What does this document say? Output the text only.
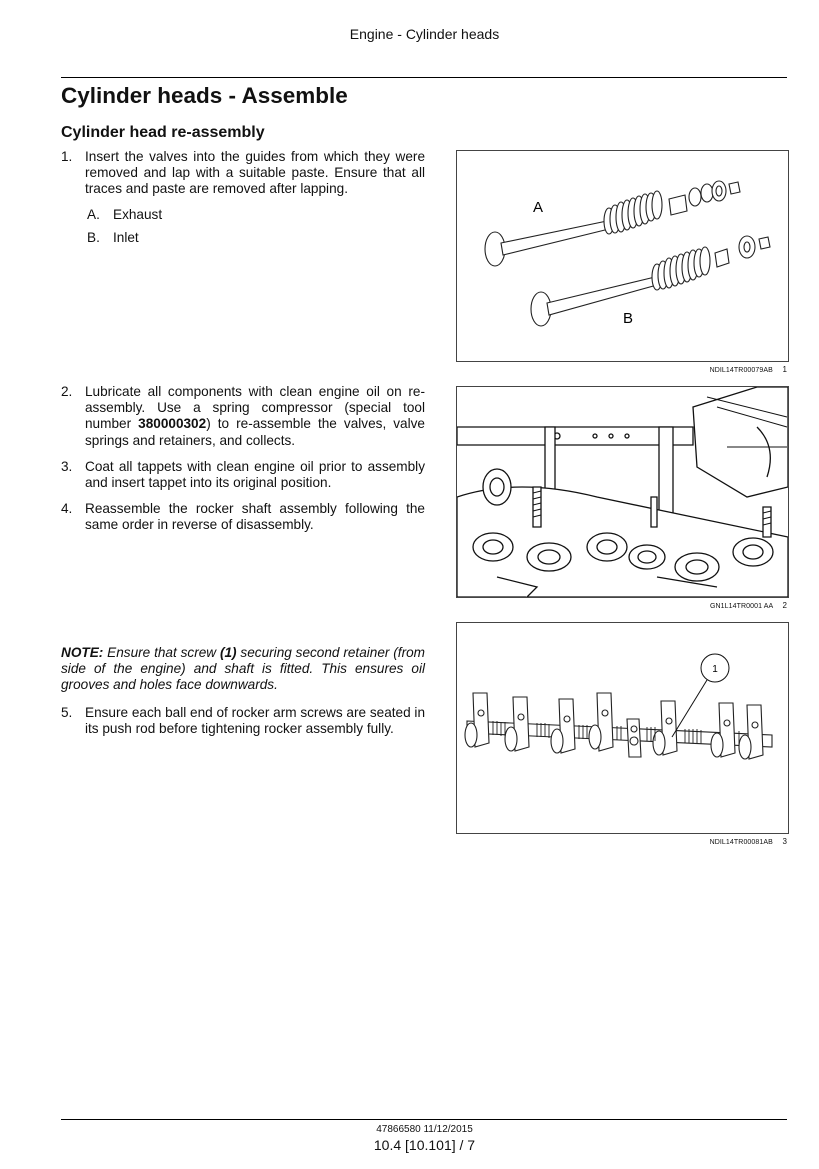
Engine - Cylinder heads
Cylinder heads - Assemble
Cylinder head re-assembly
1. Insert the valves into the guides from which they were removed and lap with a suitable paste. Ensure that all traces and paste are removed after lapping.
A. Exhaust
B. Inlet
2. Lubricate all components with clean engine oil on re-assembly. Use a spring compressor (special tool number 380000302) to re-assemble the valves, valve springs and retainers, and collects.
3. Coat all tappets with clean engine oil prior to assembly and insert tappet into its original position.
4. Reassemble the rocker shaft assembly following the same order in reverse of disassembly.
NOTE: Ensure that screw (1) securing second retainer (from side of the engine) and shaft is fitted. This ensures oil grooves and holes face downwards.
5. Ensure each ball end of rocker arm screws are seated in its push rod before tightening rocker assembly fully.
A
B
NDIL14TR00079AB 1
GN1L14TR0001 AA 2
1
NDIL14TR00081AB 3
47866580 11/12/2015
10.4 [10.101] / 7
